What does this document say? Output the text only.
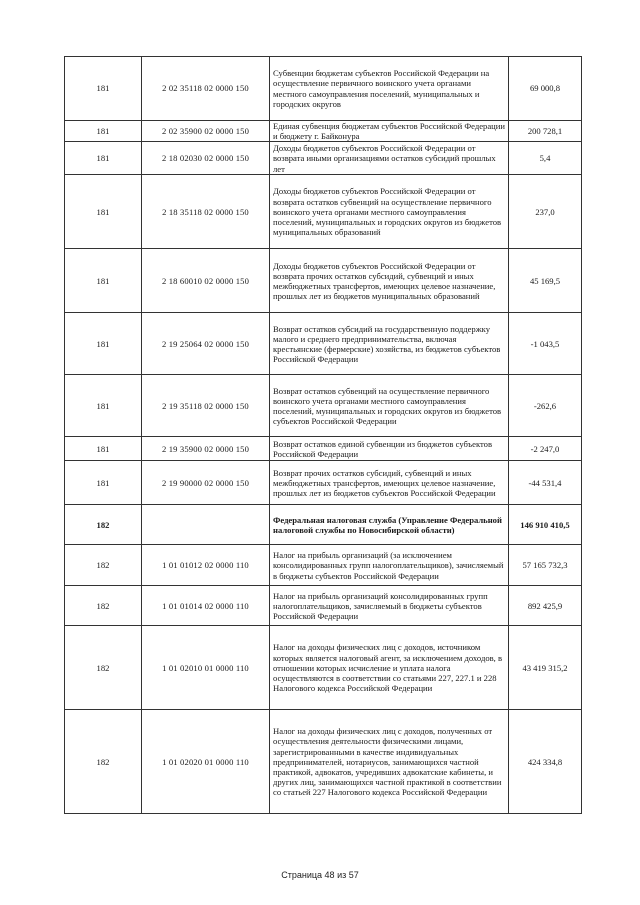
181	2 02 35118 02 0000 150	Субвенции бюджетам субъектов Российской Федерации на осуществление первичного воинского учета органами местного самоуправления поселений, муниципальных и городских округов	69 000,8
181	2 02 35900 02 0000 150	Единая субвенция бюджетам субъектов Российской Федерации и бюджету г. Байконура	200 728,1
181	2 18 02030 02 0000 150	Доходы бюджетов субъектов Российской Федерации от возврата иными организациями остатков субсидий прошлых лет	5,4
181	2 18 35118 02 0000 150	Доходы бюджетов субъектов Российской Федерации от возврата остатков субвенций на осуществление первичного воинского учета органами местного самоуправления поселений, муниципальных и городских округов из бюджетов муниципальных образований	237,0
181	2 18 60010 02 0000 150	Доходы бюджетов субъектов Российской Федерации от возврата прочих остатков субсидий, субвенций и иных межбюджетных трансфертов, имеющих целевое назначение, прошлых лет из бюджетов муниципальных образований	45 169,5
181	2 19 25064 02 0000 150	Возврат остатков субсидий на государственную поддержку малого и среднего предпринимательства, включая крестьянские (фермерские) хозяйства, из бюджетов субъектов Российской Федерации	-1 043,5
181	2 19 35118 02 0000 150	Возврат остатков субвенций на осуществление первичного воинского учета органами местного самоуправления поселений, муниципальных и городских округов из бюджетов субъектов Российской Федерации	-262,6
181	2 19 35900 02 0000 150	Возврат остатков единой субвенции из бюджетов субъектов Российской Федерации	-2 247,0
181	2 19 90000 02 0000 150	Возврат прочих остатков субсидий, субвенций и иных межбюджетных трансфертов, имеющих целевое назначение, прошлых лет из бюджетов субъектов Российской Федерации	-44 531,4
182		Федеральная налоговая служба (Управление Федеральной налоговой службы по Новосибирской области)	146 910 410,5
182	1 01 01012 02 0000 110	Налог на прибыль организаций (за исключением консолидированных групп налогоплательщиков), зачисляемый в бюджеты субъектов Российской Федерации	57 165 732,3
182	1 01 01014 02 0000 110	Налог на прибыль организаций консолидированных групп налогоплательщиков, зачисляемый в бюджеты субъектов Российской Федерации	892 425,9
182	1 01 02010 01 0000 110	Налог на доходы физических лиц с доходов, источником которых является налоговый агент, за исключением доходов, в отношении которых исчисление и уплата налога осуществляются в соответствии со статьями 227, 227.1 и 228 Налогового кодекса Российской Федерации	43 419 315,2
182	1 01 02020 01 0000 110	Налог на доходы физических лиц с доходов, полученных от осуществления деятельности физическими лицами, зарегистрированными в качестве индивидуальных предпринимателей, нотариусов, занимающихся частной практикой, адвокатов, учредивших адвокатские кабинеты, и других лиц, занимающихся частной практикой в соответствии со статьей 227 Налогового кодекса Российской Федерации	424 334,8
Страница 48 из 57
